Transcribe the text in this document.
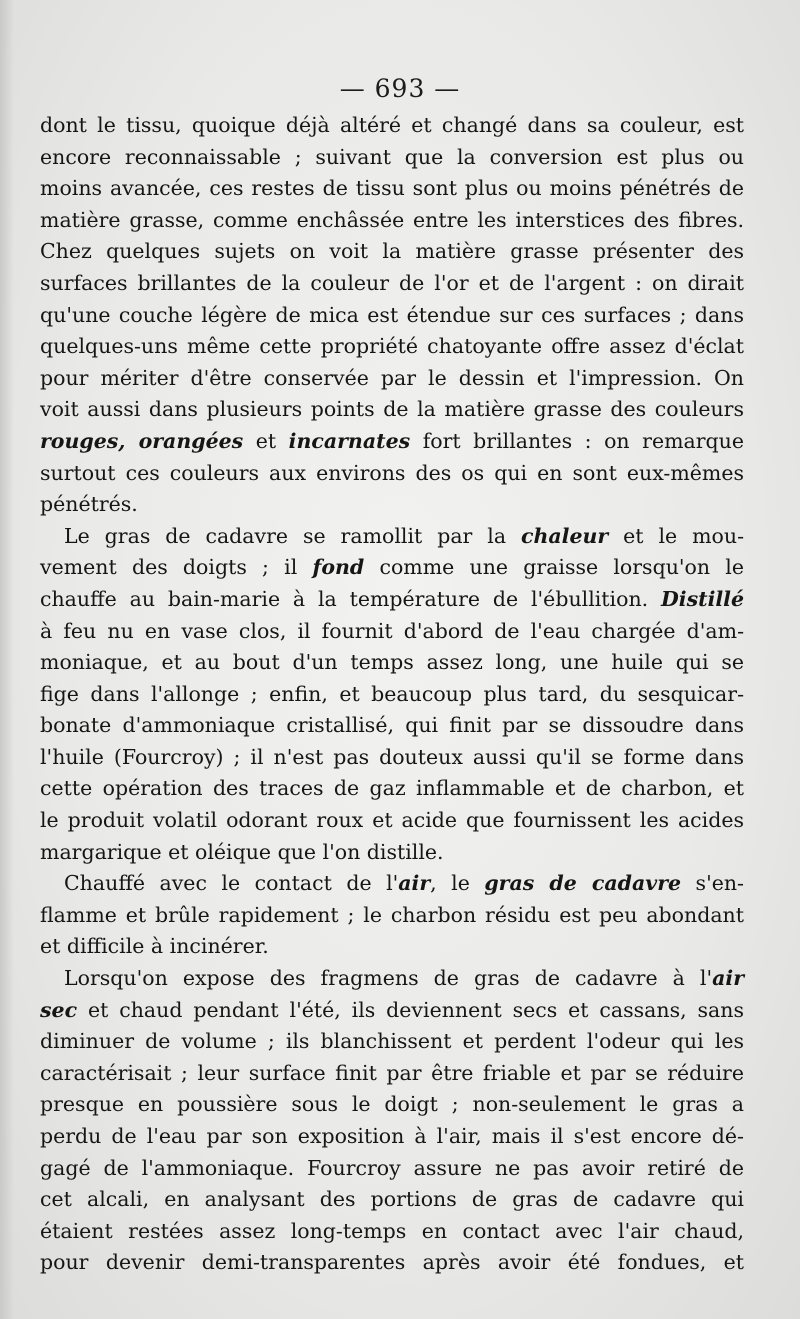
— 693 —
dont le tissu, quoique déjà altéré et changé dans sa couleur, est
encore reconnaissable ; suivant que la conversion est plus ou
moins avancée, ces restes de tissu sont plus ou moins pénétrés de
matière grasse, comme enchâssée entre les interstices des fibres.
Chez quelques sujets on voit la matière grasse présenter des
surfaces brillantes de la couleur de l'or et de l'argent : on dirait
qu'une couche légère de mica est étendue sur ces surfaces ; dans
quelques-uns même cette propriété chatoyante offre assez d'éclat
pour mériter d'être conservée par le dessin et l'impression. On
voit aussi dans plusieurs points de la matière grasse des couleurs
rouges, orangées et incarnates fort brillantes : on remarque
surtout ces couleurs aux environs des os qui en sont eux-mêmes
pénétrés.
Le gras de cadavre se ramollit par la chaleur et le mou-
vement des doigts ; il fond comme une graisse lorsqu'on le
chauffe au bain-marie à la température de l'ébullition. Distillé
à feu nu en vase clos, il fournit d'abord de l'eau chargée d'am-
moniaque, et au bout d'un temps assez long, une huile qui se
fige dans l'allonge ; enfin, et beaucoup plus tard, du sesquicar-
bonate d'ammoniaque cristallisé, qui finit par se dissoudre dans
l'huile (Fourcroy) ; il n'est pas douteux aussi qu'il se forme dans
cette opération des traces de gaz inflammable et de charbon, et
le produit volatil odorant roux et acide que fournissent les acides
margarique et oléique que l'on distille.
Chauffé avec le contact de l'air, le gras de cadavre s'en-
flamme et brûle rapidement ; le charbon résidu est peu abondant
et difficile à incinérer.
Lorsqu'on expose des fragmens de gras de cadavre à l'air
sec et chaud pendant l'été, ils deviennent secs et cassans, sans
diminuer de volume ; ils blanchissent et perdent l'odeur qui les
caractérisait ; leur surface finit par être friable et par se réduire
presque en poussière sous le doigt ; non-seulement le gras a
perdu de l'eau par son exposition à l'air, mais il s'est encore dé-
gagé de l'ammoniaque. Fourcroy assure ne pas avoir retiré de
cet alcali, en analysant des portions de gras de cadavre qui
étaient restées assez long-temps en contact avec l'air chaud,
pour devenir demi-transparentes après avoir été fondues, et
